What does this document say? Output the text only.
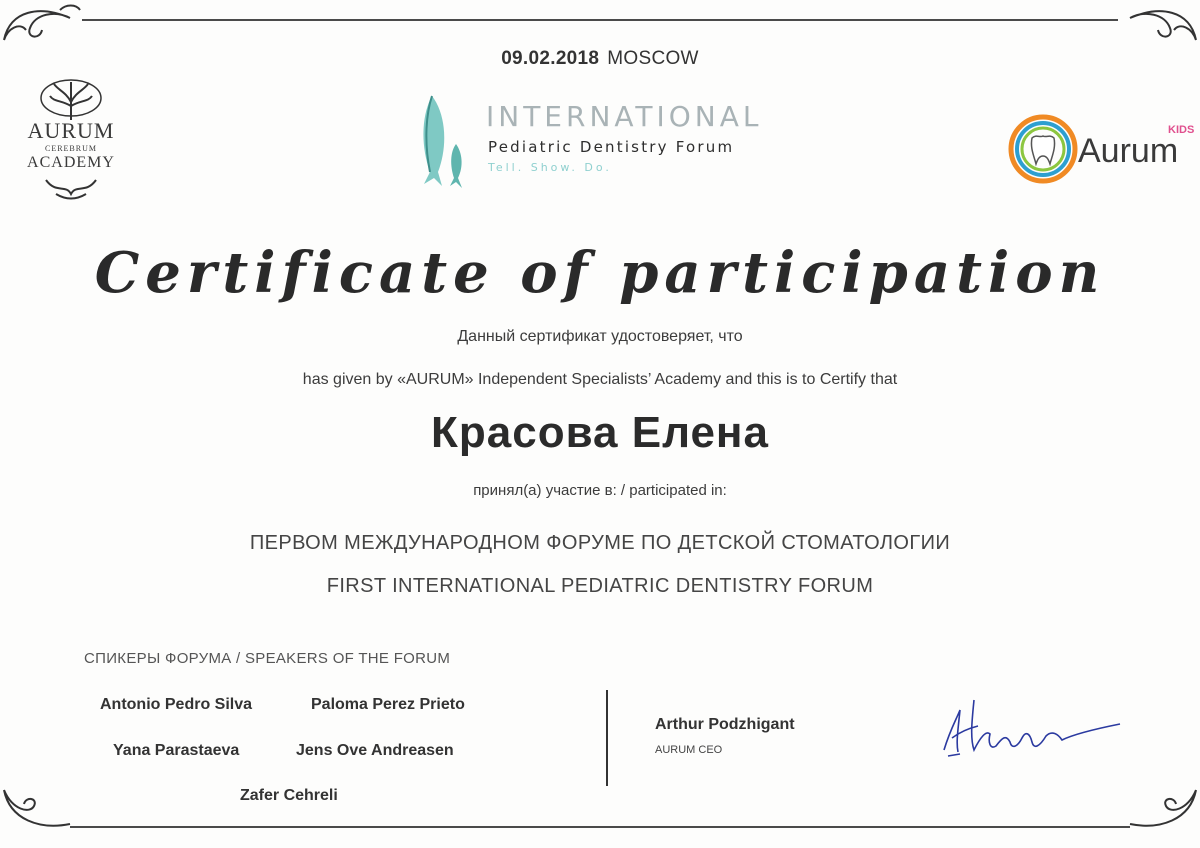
09.02.2018 MOSCOW
AURUM
CEREBRUM
ACADEMY
INTERNATIONAL
Pediatric Dentistry Forum
Tell. Show. Do.
KIDS
Aurum
Certificate of participation
Данный сертификат удостоверяет, что
has given by «AURUM» Independent Specialists’ Academy and this is to Certify that
Красова Елена
принял(а) участие в: / participated in:
ПЕРВОМ МЕЖДУНАРОДНОМ ФОРУМЕ ПО ДЕТСКОЙ СТОМАТОЛОГИИ
FIRST INTERNATIONAL PEDIATRIC DENTISTRY FORUM
СПИКЕРЫ ФОРУМА / SPEAKERS OF THE FORUM
Antonio Pedro Silva	Paloma Perez Prieto
Yana Parastaeva	Jens Ove Andreasen
Zafer Cehreli
Arthur Podzhigant
AURUM CEO
